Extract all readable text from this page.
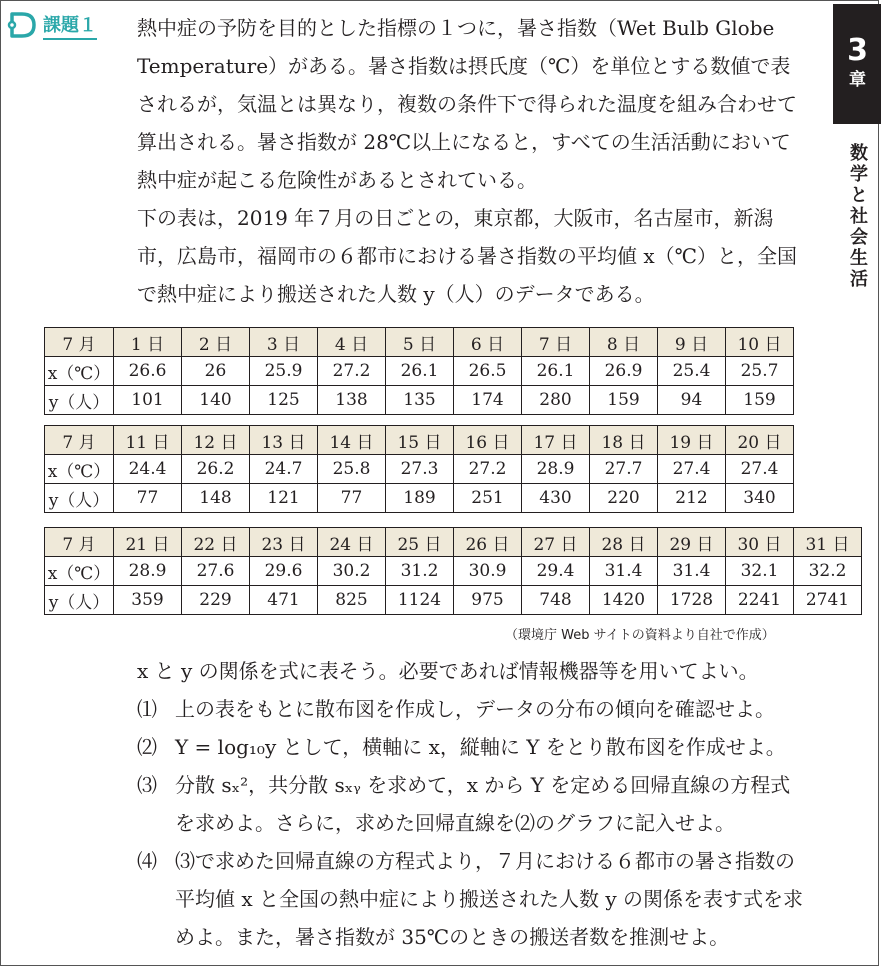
課題１
3
章
数学と社会生活

熱中症の予防を目的とした指標の１つに，暑さ指数（Wet Bulb Globe Temperature）がある。暑さ指数は摂氏度（℃）を単位とする数値で表されるが，気温とは異なり，複数の条件下で得られた温度を組み合わせて算出される。暑さ指数が 28℃以上になると，すべての生活活動において熱中症が起こる危険性があるとされている。

下の表は，2019 年７月の日ごとの，東京都，大阪市，名古屋市，新潟市，広島市，福岡市の６都市における暑さ指数の平均値 x（℃）と，全国で熱中症により搬送された人数 y（人）のデータである。

7 月	1 日	2 日	3 日	4 日	5 日	6 日	7 日	8 日	9 日	10 日
x（℃）	26.6	26	25.9	27.2	26.1	26.5	26.1	26.9	25.4	25.7
y（人）	101	140	125	138	135	174	280	159	94	159
7 月	11 日	12 日	13 日	14 日	15 日	16 日	17 日	18 日	19 日	20 日
x（℃）	24.4	26.2	24.7	25.8	27.3	27.2	28.9	27.7	27.4	27.4
y（人）	77	148	121	77	189	251	430	220	212	340
7 月	21 日	22 日	23 日	24 日	25 日	26 日	27 日	28 日	29 日	30 日	31 日
x（℃）	28.9	27.6	29.6	30.2	31.2	30.9	29.4	31.4	31.4	32.1	32.2
y（人）	359	229	471	825	1124	975	748	1420	1728	2241	2741
（環境庁 Web サイトの資料より自社で作成）

x と y の関係を式に表そう。必要であれば情報機器等を用いてよい。

⑴ 上の表をもとに散布図を作成し，データの分布の傾向を確認せよ。

⑵ Y = log₁₀y として，横軸に x，縦軸に Y をとり散布図を作成せよ。

⑶ 分散 sₓ²，共分散 sₓᵧ を求めて，x から Y を定める回帰直線の方程式を求めよ。さらに，求めた回帰直線を⑵のグラフに記入せよ。

⑷ ⑶で求めた回帰直線の方程式より，７月における６都市の暑さ指数の平均値 x と全国の熱中症により搬送された人数 y の関係を表す式を求めよ。また，暑さ指数が 35℃のときの搬送者数を推測せよ。
